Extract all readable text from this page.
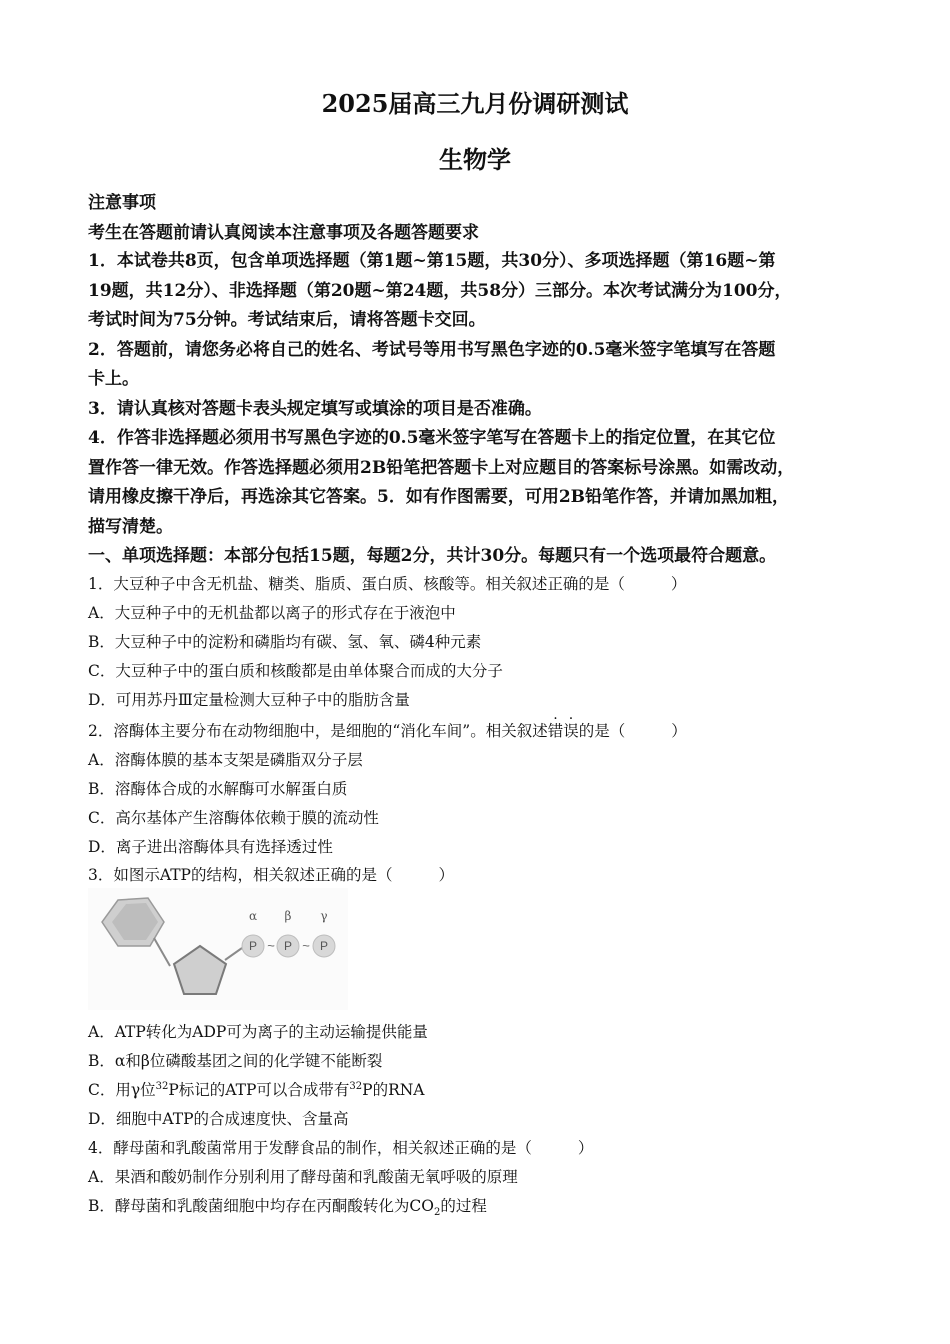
2025届高三九月份调研测试
生物学
注意事项
考生在答题前请认真阅读本注意事项及各题答题要求
1．本试卷共8页，包含单项选择题（第1题~第15题，共30分）、多项选择题（第16题~第
19题，共12分）、非选择题（第20题~第24题，共58分）三部分。本次考试满分为100分，
考试时间为75分钟。考试结束后，请将答题卡交回。
2．答题前，请您务必将自己的姓名、考试号等用书写黑色字迹的0.5毫米签字笔填写在答题
卡上。
3．请认真核对答题卡表头规定填写或填涂的项目是否准确。
4．作答非选择题必须用书写黑色字迹的0.5毫米签字笔写在答题卡上的指定位置，在其它位
置作答一律无效。作答选择题必须用2B铅笔把答题卡上对应题目的答案标号涂黑。如需改动，
请用橡皮擦干净后，再选涂其它答案。5．如有作图需要，可用2B铅笔作答，并请加黑加粗，
描写清楚。
一、单项选择题：本部分包括15题，每题2分，共计30分。每题只有一个选项最符合题意。
1．大豆种子中含无机盐、糖类、脂质、蛋白质、核酸等。相关叙述正确的是（	）
A．大豆种子中的无机盐都以离子的形式存在于液泡中
B．大豆种子中的淀粉和磷脂均有碳、氢、氧、磷4种元素
C．大豆种子中的蛋白质和核酸都是由单体聚合而成的大分子
D．可用苏丹Ⅲ定量检测大豆种子中的脂肪含量
2．溶酶体主要分布在动物细胞中，是细胞的“消化车间”。相关叙述错误的是（	）
A．溶酶体膜的基本支架是磷脂双分子层
B．溶酶体合成的水解酶可水解蛋白质
C．高尔基体产生溶酶体依赖于膜的流动性
D．离子进出溶酶体具有选择透过性
3．如图示ATP的结构，相关叙述正确的是（	）
P P P
~ ~
α β γ
A．ATP转化为ADP可为离子的主动运输提供能量
B．α和β位磷酸基团之间的化学键不能断裂
C．用γ位$^{32}$P标记的ATP可以合成带有$^{32}$P的RNA
D．细胞中ATP的合成速度快、含量高
4．酵母菌和乳酸菌常用于发酵食品的制作，相关叙述正确的是（	）
A．果酒和酸奶制作分别利用了酵母菌和乳酸菌无氧呼吸的原理
B．酵母菌和乳酸菌细胞中均存在丙酮酸转化为$CO_2$的过程
